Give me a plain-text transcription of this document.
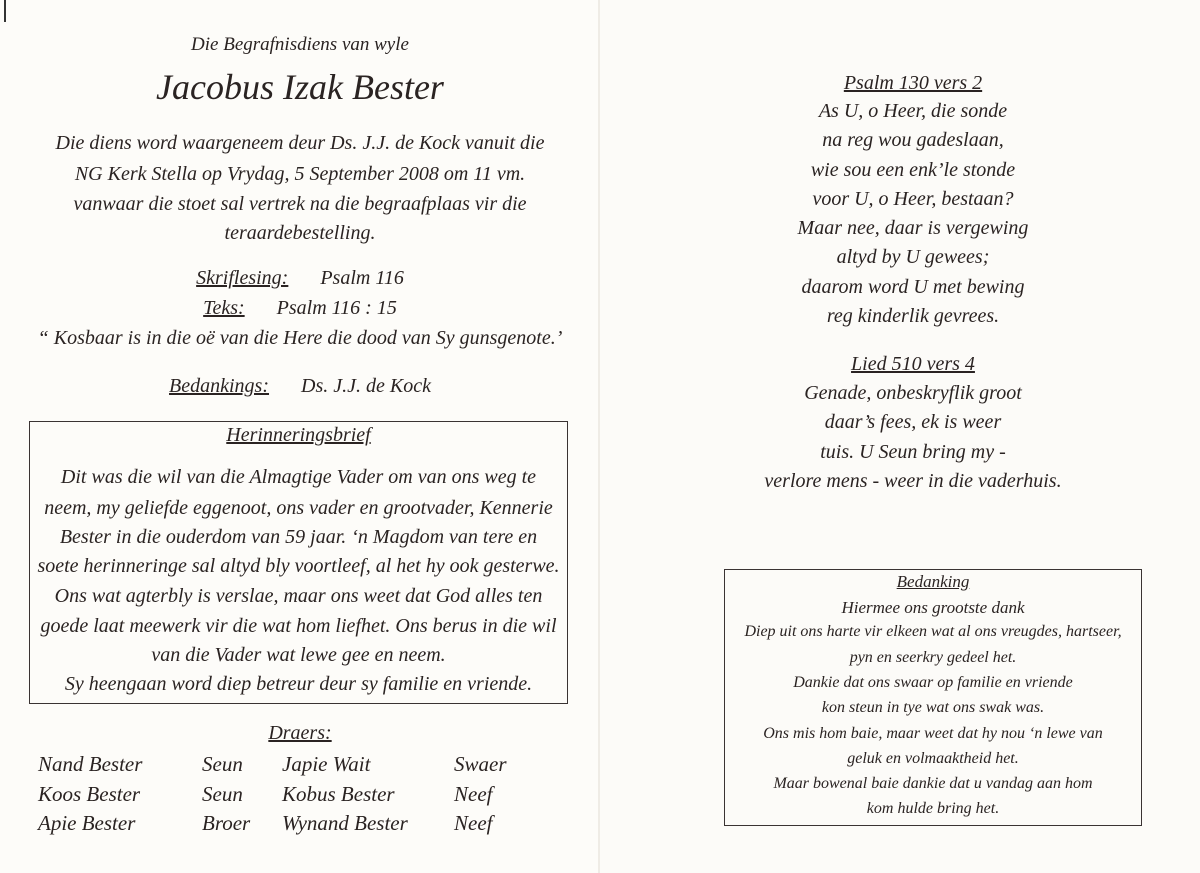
Die Begrafnisdiens van wyle
Jacobus Izak Bester
Die diens word waargeneem deur Ds. J.J. de Kock vanuit die
NG Kerk Stella op Vrydag, 5 September 2008 om 11 vm.
vanwaar die stoet sal vertrek na die begraafplaas vir die
teraardebestelling.
Skriflesing: Psalm 116
Teks: Psalm 116 : 15
“ Kosbaar is in die oë van die Here die dood van Sy gunsgenote.’
Bedankings: Ds. J.J. de Kock
Herinneringsbrief
Dit was die wil van die Almagtige Vader om van ons weg te
neem, my geliefde eggenoot, ons vader en grootvader, Kennerie
Bester in die ouderdom van 59 jaar. ‘n Magdom van tere en
soete herinneringe sal altyd bly voortleef, al het hy ook gesterwe.
Ons wat agterbly is verslae, maar ons weet dat God alles ten
goede laat meewerk vir die wat hom liefhet. Ons berus in die wil
van die Vader wat lewe gee en neem.
Sy heengaan word diep betreur deur sy familie en vriende.
Draers:
Nand Bester	Seun Japie Wait	Swaer
Koos Bester	Seun Kobus Bester	Neef
Apie Bester	Broer Wynand Bester Neef
Psalm 130 vers 2
As U, o Heer, die sonde
na reg wou gadeslaan,
wie sou een enk’le stonde
voor U, o Heer, bestaan?
Maar nee, daar is vergewing
altyd by U gewees;
daarom word U met bewing
reg kinderlik gevrees.
Lied 510 vers 4
Genade, onbeskryflik groot
daar’s fees, ek is weer
tuis. U Seun bring my -
verlore mens - weer in die vaderhuis.
Bedanking
Hiermee ons grootste dank
Diep uit ons harte vir elkeen wat al ons vreugdes, hartseer,
pyn en seerkry gedeel het.
Dankie dat ons swaar op familie en vriende
kon steun in tye wat ons swak was.
Ons mis hom baie, maar weet dat hy nou ‘n lewe van
geluk en volmaaktheid het.
Maar bowenal baie dankie dat u vandag aan hom
kom hulde bring het.
